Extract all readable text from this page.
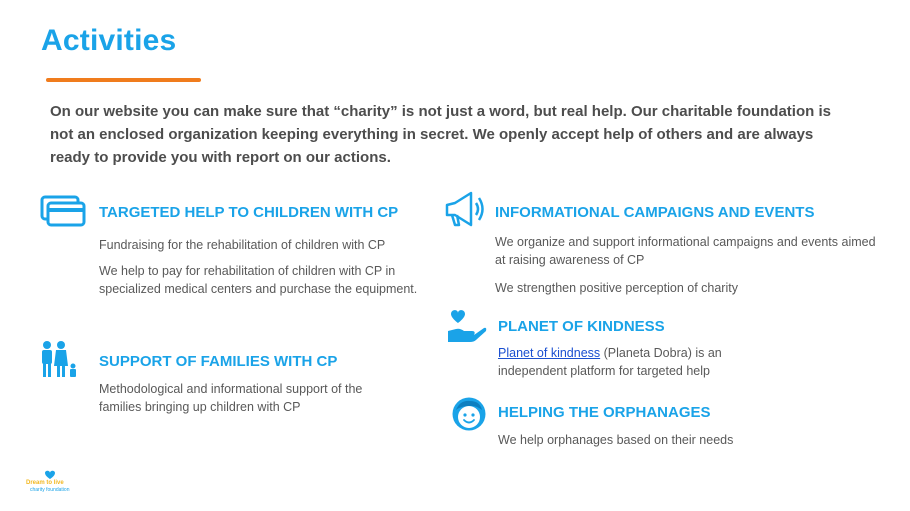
Activities

On our website you can make sure that “charity” is not just a word, but real help. Our charitable foundation is not an enclosed organization keeping everything in secret. We openly accept help of others and are always ready to provide you with report on our actions.

TARGETED HELP TO CHILDREN WITH CP

Fundraising for the rehabilitation of children with CP

We help to pay for rehabilitation of children with CP in specialized medical centers and purchase the equipment.

SUPPORT OF FAMILIES WITH CP

Methodological and informational support of the families bringing up children with CP

INFORMATIONAL CAMPAIGNS AND EVENTS

We organize and support informational campaigns and events aimed at raising awareness of CP

We strengthen positive perception of charity

PLANET OF KINDNESS

Planet of kindness (Planeta Dobra) is an independent platform for targeted help

HELPING THE ORPHANAGES

We help orphanages based on their needs

Dream to live
charity foundation
